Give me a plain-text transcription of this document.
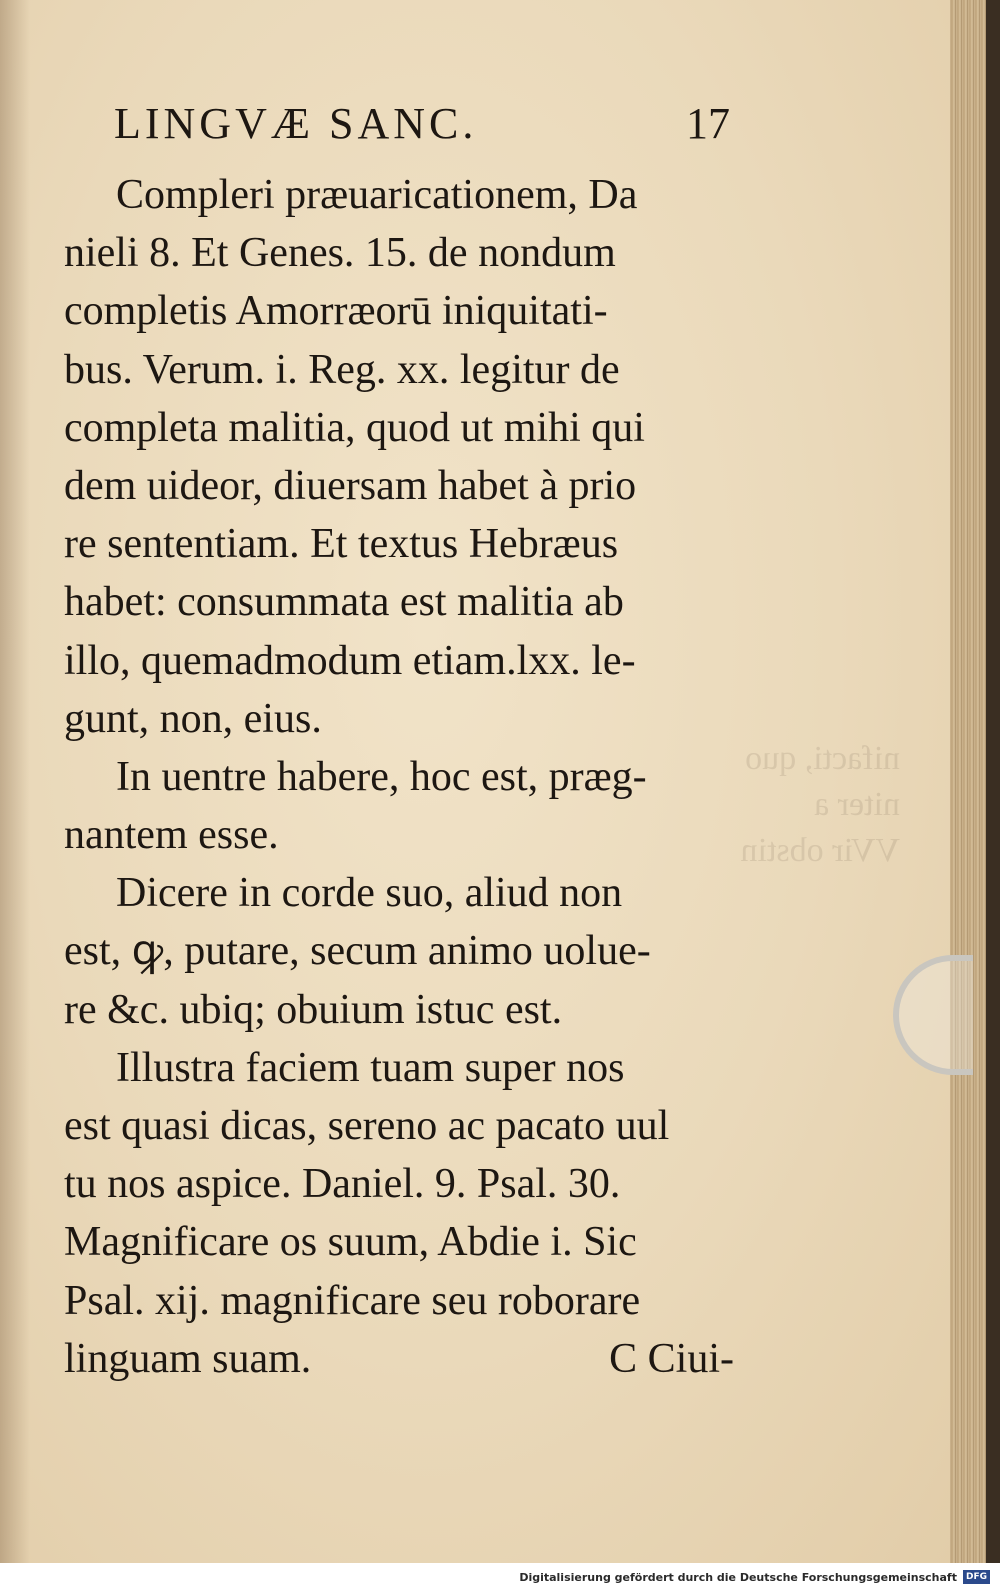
nifacti, quo
niter a
VVir obstin
LINGVÆ SANC.	17
Compleri præuaricationem, Da
nieli 8. Et Genes. 15. de nondum
completis Amorræorū iniquitati-
bus. Verum. i. Reg. xx. legitur de
completa malitia, quod ut mihi qui
dem uideor, diuersam habet à prio
re sententiam. Et textus Hebræus
habet: consummata est malitia ab
illo, quemadmodum etiam.lxx. le-
gunt, non, eius.
In uentre habere, hoc est, præg-
nantem esse.
Dicere in corde suo, aliud non
est, ꝙ, putare, secum animo uolue-
re &c. ubiq; obuium istuc est.
Illustra faciem tuam super nos
est quasi dicas, sereno ac pacato uul
tu nos aspice. Daniel. 9. Psal. 30.
Magnificare os suum, Abdie i. Sic
Psal. xij. magnificare seu roborare
linguam suam.	C Ciui-
Digitalisierung gefördert durch die Deutsche Forschungsgemeinschaft	DFG
